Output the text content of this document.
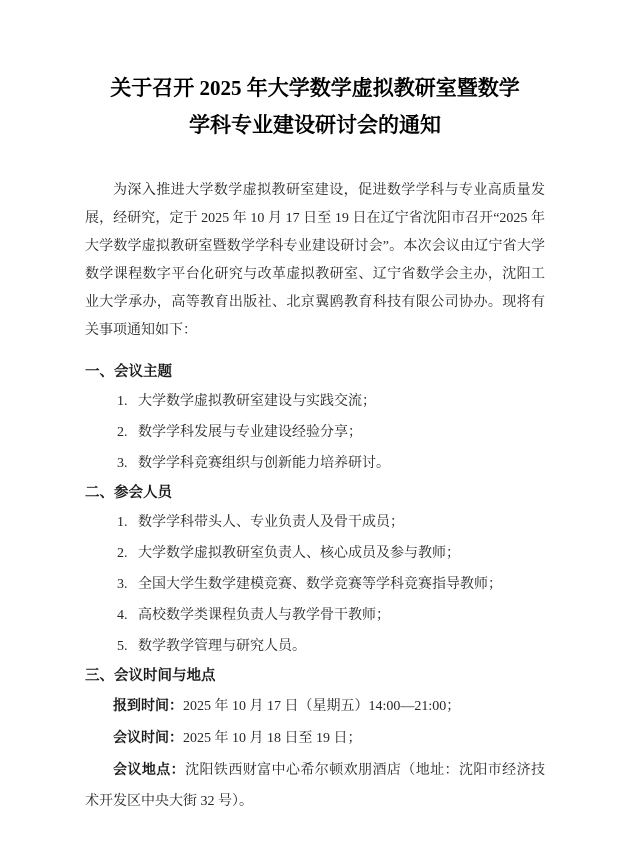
关于召开 2025 年大学数学虚拟教研室暨数学
学科专业建设研讨会的通知

为深入推进大学数学虚拟教研室建设，促进数学学科与专业高质量发展，经研究，定于 2025 年 10 月 17 日至 19 日在辽宁省沈阳市召开“2025 年大学数学虚拟教研室暨数学学科专业建设研讨会”。本次会议由辽宁省大学数学课程数字平台化研究与改革虚拟教研室、辽宁省数学会主办，沈阳工业大学承办，高等教育出版社、北京翼鸥教育科技有限公司协办。现将有关事项通知如下：

一、会议主题
1. 大学数学虚拟教研室建设与实践交流；
2. 数学学科发展与专业建设经验分享；
3. 数学学科竞赛组织与创新能力培养研讨。
二、参会人员
1. 数学学科带头人、专业负责人及骨干成员；
2. 大学数学虚拟教研室负责人、核心成员及参与教师；
3. 全国大学生数学建模竞赛、数学竞赛等学科竞赛指导教师；
4. 高校数学类课程负责人与教学骨干教师；
5. 数学教学管理与研究人员。
三、会议时间与地点

报到时间：2025 年 10 月 17 日（星期五）14:00—21:00；

会议时间：2025 年 10 月 18 日至 19 日；

会议地点：沈阳铁西财富中心希尔顿欢朋酒店（地址：沈阳市经济技术开发区中央大街 32 号）。
